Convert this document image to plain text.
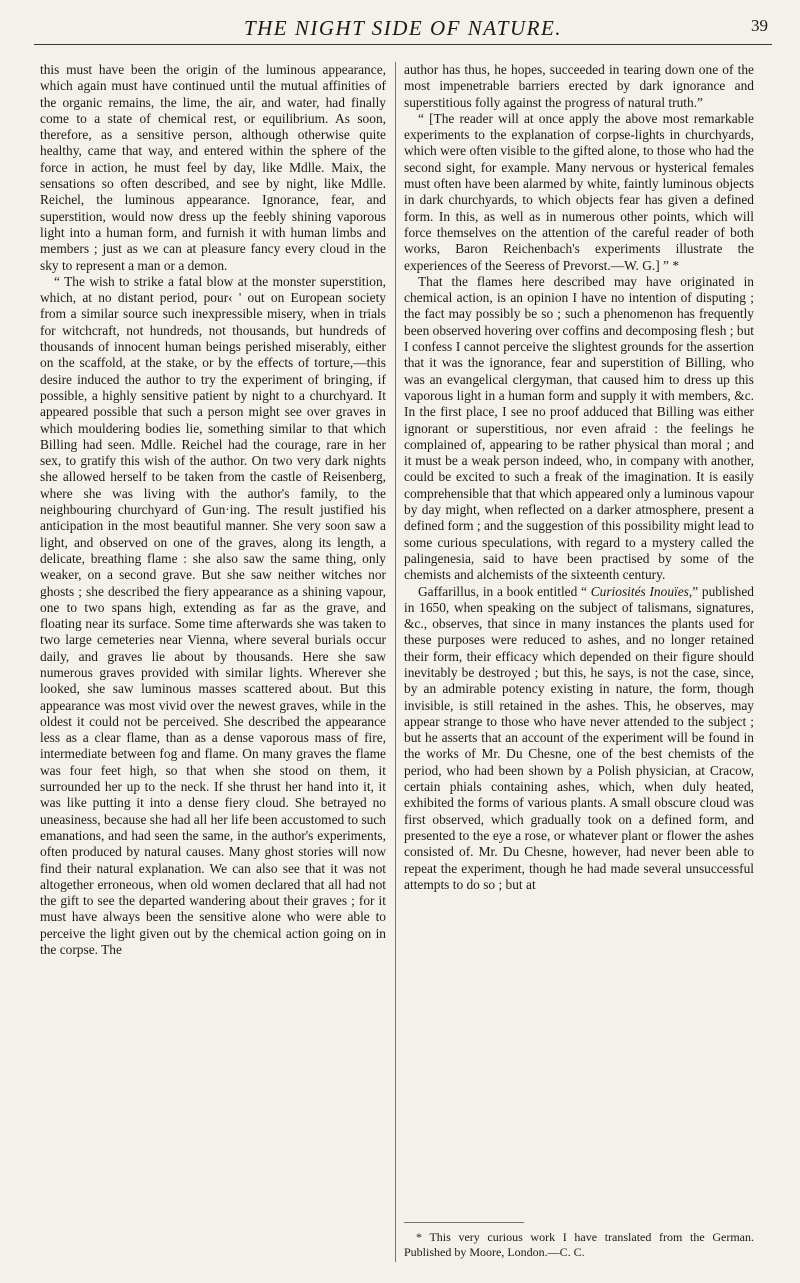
THE NIGHT SIDE OF NATURE.	39

this must have been the origin of the luminous appearance, which again must have continued until the mutual affinities of the organic remains, the lime, the air, and water, had finally come to a state of chemical rest, or equilibrium. As soon, therefore, as a sensitive person, although otherwise quite healthy, came that way, and entered within the sphere of the force in action, he must feel by day, like Mdlle. Maix, the sensations so often described, and see by night, like Mdlle. Reichel, the luminous appearance. Ignorance, fear, and superstition, would now dress up the feebly shining vaporous light into a human form, and furnish it with human limbs and members ; just as we can at pleasure fancy every cloud in the sky to represent a man or a demon.

“ The wish to strike a fatal blow at the monster superstition, which, at no distant period, pour‹ ' out on European society from a similar source such inexpressible misery, when in trials for witchcraft, not hundreds, not thousands, but hundreds of thousands of innocent human beings perished miserably, either on the scaffold, at the stake, or by the effects of torture,—this desire induced the author to try the experiment of bringing, if possible, a highly sensitive patient by night to a churchyard. It appeared possible that such a person might see over graves in which mouldering bodies lie, something similar to that which Billing had seen. Mdlle. Reichel had the courage, rare in her sex, to gratify this wish of the author. On two very dark nights she allowed herself to be taken from the castle of Reisenberg, where she was living with the author's family, to the neighbouring churchyard of Gun·ing. The result justified his anticipation in the most beautiful manner. She very soon saw a light, and observed on one of the graves, along its length, a delicate, breathing flame : she also saw the same thing, only weaker, on a second grave. But she saw neither witches nor ghosts ; she described the fiery appearance as a shining vapour, one to two spans high, extending as far as the grave, and floating near its surface. Some time afterwards she was taken to two large cemeteries near Vienna, where several burials occur daily, and graves lie about by thousands. Here she saw numerous graves provided with similar lights. Wherever she looked, she saw luminous masses scattered about. But this appearance was most vivid over the newest graves, while in the oldest it could not be perceived. She described the appearance less as a clear flame, than as a dense vaporous mass of fire, intermediate between fog and flame. On many graves the flame was four feet high, so that when she stood on them, it surrounded her up to the neck. If she thrust her hand into it, it was like putting it into a dense fiery cloud. She betrayed no uneasiness, because she had all her life been accustomed to such emanations, and had seen the same, in the author's experiments, often produced by natural causes. Many ghost stories will now find their natural explanation. We can also see that it was not altogether erroneous, when old women declared that all had not the gift to see the departed wandering about their graves ; for it must have always been the sensitive alone who were able to perceive the light given out by the chemical action going on in the corpse. The

author has thus, he hopes, succeeded in tearing down one of the most impenetrable barriers erected by dark ignorance and superstitious folly against the progress of natural truth.”

“ [The reader will at once apply the above most remarkable experiments to the explanation of corpse-lights in churchyards, which were often visible to the gifted alone, to those who had the second sight, for example. Many nervous or hysterical females must often have been alarmed by white, faintly luminous objects in dark churchyards, to which objects fear has given a defined form. In this, as well as in numerous other points, which will force themselves on the attention of the careful reader of both works, Baron Reichenbach's experiments illustrate the experiences of the Seeress of Prevorst.—W. G.] ” *

That the flames here described may have originated in chemical action, is an opinion I have no intention of disputing ; the fact may possibly be so ; such a phenomenon has frequently been observed hovering over coffins and decomposing flesh ; but I confess I cannot perceive the slightest grounds for the assertion that it was the ignorance, fear and superstition of Billing, who was an evangelical clergyman, that caused him to dress up this vaporous light in a human form and supply it with members, &c. In the first place, I see no proof adduced that Billing was either ignorant or superstitious, nor even afraid : the feelings he complained of, appearing to be rather physical than moral ; and it must be a weak person indeed, who, in company with another, could be excited to such a freak of the imagination. It is easily comprehensible that that which appeared only a luminous vapour by day might, when reflected on a darker atmosphere, present a defined form ; and the suggestion of this possibility might lead to some curious speculations, with regard to a mystery called the palingenesia, said to have been practised by some of the chemists and alchemists of the sixteenth century.

Gaffarillus, in a book entitled “ Curiosités Inouïes,” published in 1650, when speaking on the subject of talismans, signatures, &c., observes, that since in many instances the plants used for these purposes were reduced to ashes, and no longer retained their form, their efficacy which depended on their figure should inevitably be destroyed ; but this, he says, is not the case, since, by an admirable potency existing in nature, the form, though invisible, is still retained in the ashes. This, he observes, may appear strange to those who have never attended to the subject ; but he asserts that an account of the experiment will be found in the works of Mr. Du Chesne, one of the best chemists of the period, who had been shown by a Polish physician, at Cracow, certain phials containing ashes, which, when duly heated, exhibited the forms of various plants. A small obscure cloud was first observed, which gradually took on a defined form, and presented to the eye a rose, or whatever plant or flower the ashes consisted of. Mr. Du Chesne, however, had never been able to repeat the experiment, though he had made several unsuccessful attempts to do so ; but at

* This very curious work I have translated from the German. Published by Moore, London.—C. C.
